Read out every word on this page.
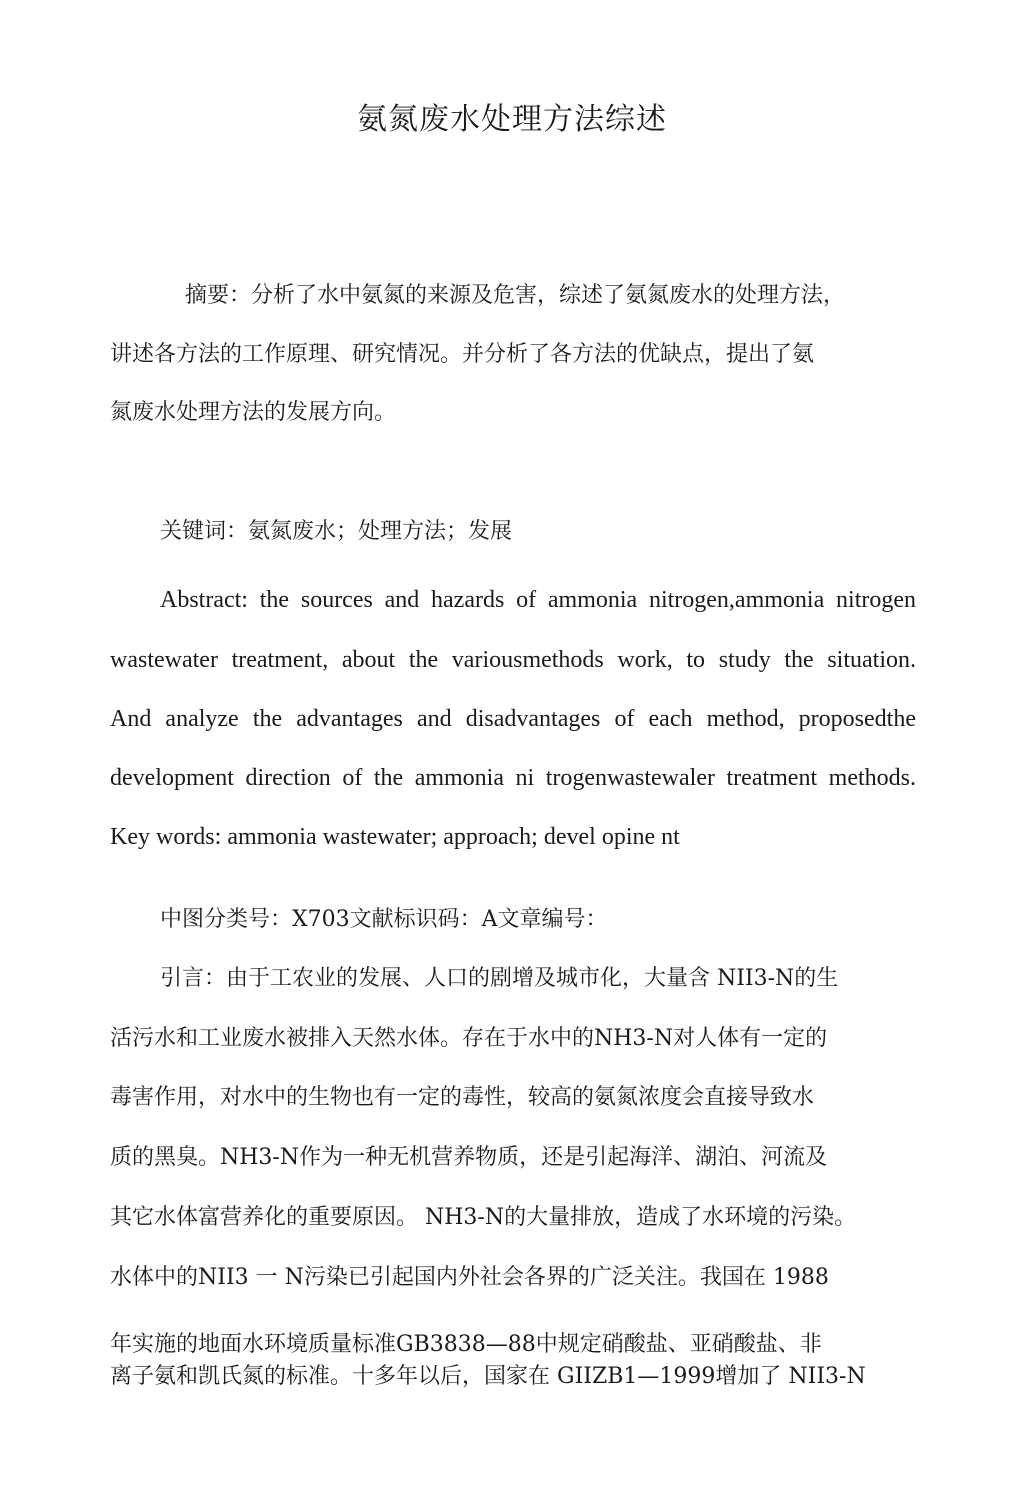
氨氮废水处理方法综述
摘要：分析了水中氨氮的来源及危害，综述了氨氮废水的处理方法，
讲述各方法的工作原理、研究情况。并分析了各方法的优缺点，提出了氨
氮废水处理方法的发展方向。
关键词：氨氮废水；处理方法；发展
Abstract: the sources and hazards of ammonia nitrogen,ammonia nitrogen
wastewater treatment, about the variousmethods work, to study the situation.
And analyze the advantages and disadvantages of each method, proposedthe
development direction of the ammonia ni trogenwastewaler treatment methods.
Key words: ammonia wastewater; approach; devel opine nt
中图分类号：X703文献标识码：A文章编号：
引言：由于工农业的发展、人口的剧增及城市化，大量含 NII3-N的生
活污水和工业废水被排入天然水体。存在于水中的NH3-N对人体有一定的
毒害作用，对水中的生物也有一定的毒性，较高的氨氮浓度会直接导致水
质的黑臭。NH3-N作为一种无机营养物质，还是引起海洋、湖泊、河流及
其它水体富营养化的重要原因。 NH3-N的大量排放，造成了水环境的污染。
水体中的NII3 一 N污染已引起国内外社会各界的广泛关注。我国在 1988
年实施的地面水环境质量标准GB3838—88中规定硝酸盐、亚硝酸盐、非
离子氨和凯氏氮的标准。十多年以后，国家在 GIIZB1—1999增加了 NII3-N
